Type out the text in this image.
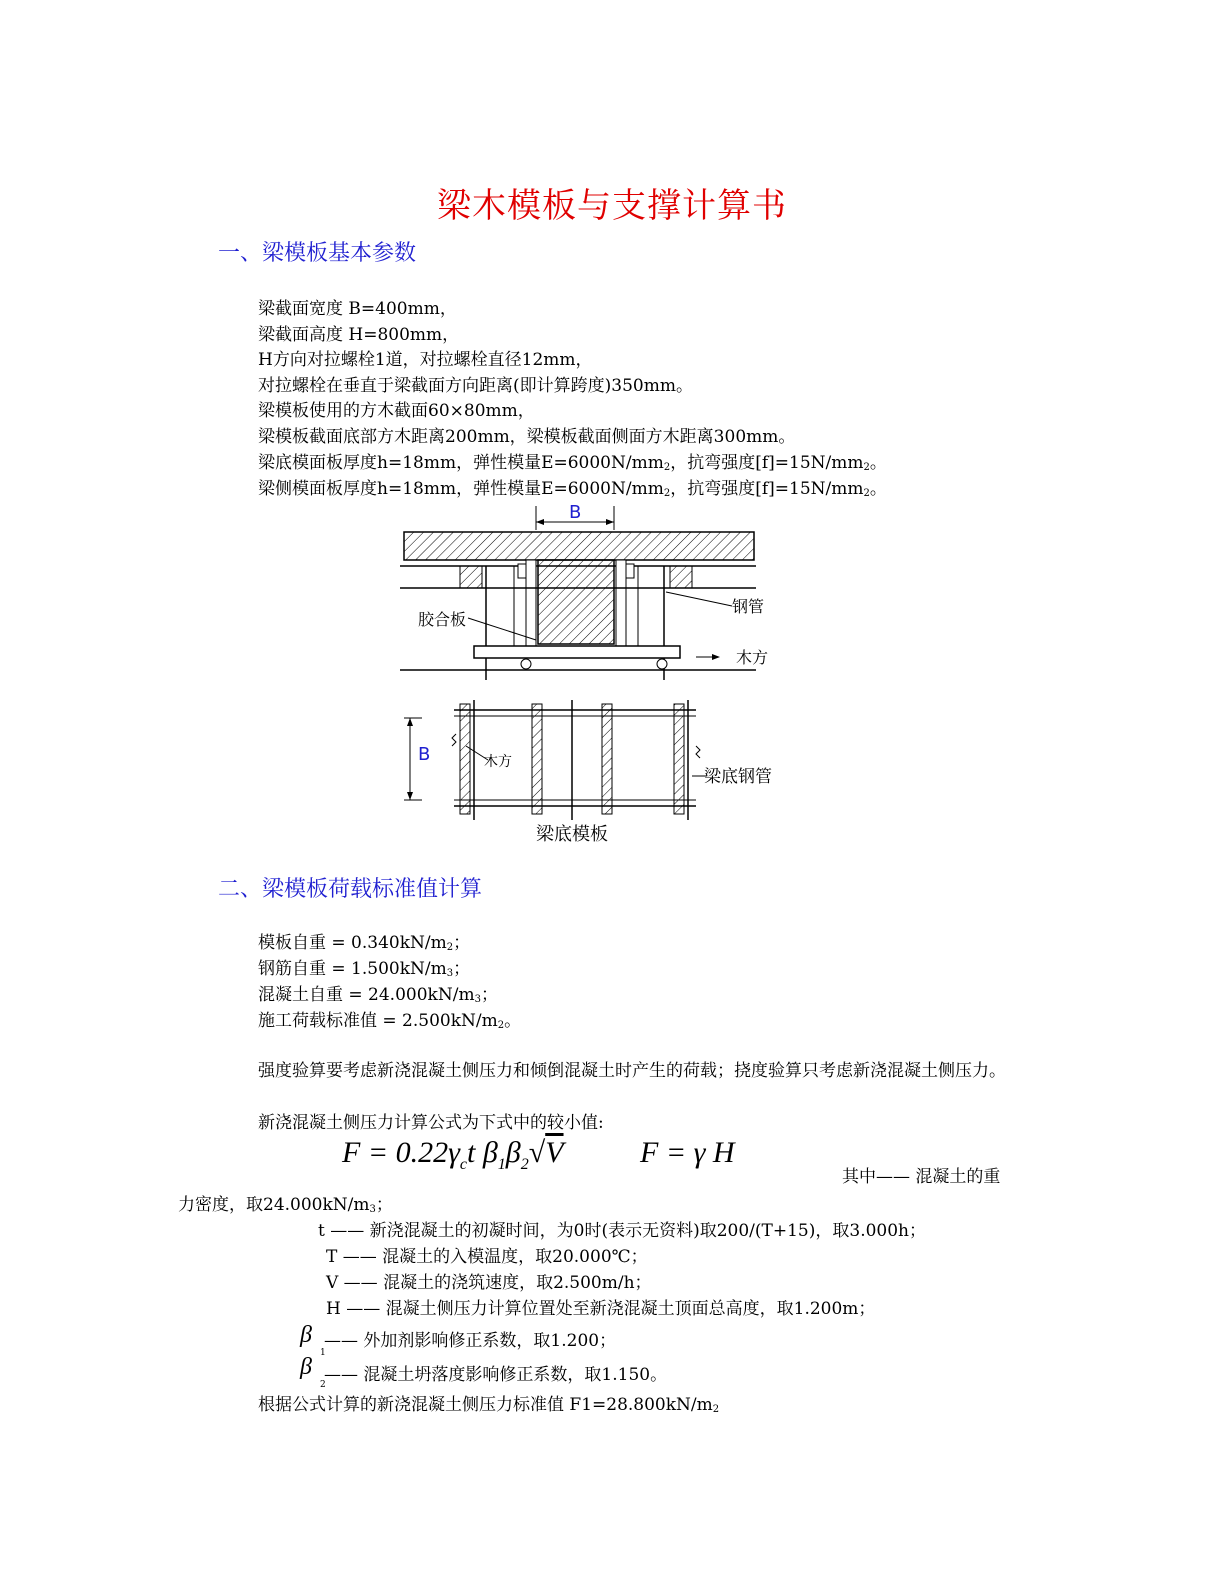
梁木模板与支撑计算书
一、梁模板基本参数
梁截面宽度 B=400mm，
梁截面高度 H=800mm，
H方向对拉螺栓1道，对拉螺栓直径12mm，
对拉螺栓在垂直于梁截面方向距离(即计算跨度)350mm。
梁模板使用的方木截面60×80mm，
梁模板截面底部方木距离200mm，梁模板截面侧面方木距离300mm。
梁底模面板厚度h=18mm，弹性模量$E=6000N/mm_2$，抗弯强度$[f]=15N/mm_2$。
梁侧模面板厚度h=18mm，弹性模量$E=6000N/mm_2$，抗弯强度$[f]=15N/mm_2$。
B
胶合板
钢管
木方
B	木方
梁底钢管
梁底模板
二、梁模板荷载标准值计算
模板自重 = $0.340kN/m_2$；
钢筋自重 = $1.500kN/m_3$；
混凝土自重 = $24.000kN/m_3$；
施工荷载标准值 = $2.500kN/m_2$。
强度验算要考虑新浇混凝土侧压力和倾倒混凝土时产生的荷载；挠度验算只考虑新浇混凝土侧压力。
新浇混凝土侧压力计算公式为下式中的较小值:
$F = 0.22\gamma_ct$ $\beta_1\beta_2√V$	F = γ H
其中—— 混凝土的重
力密度，取$24.000kN/m_3$；
t —— 新浇混凝土的初凝时间，为0时(表示无资料)取200/(T+15)，取3.000h；
T —— 混凝土的入模温度，取20.000℃；
V —— 混凝土的浇筑速度，取2.500m/h；
H —— 混凝土侧压力计算位置处至新浇混凝土顶面总高度，取1.200m；
β
1
—— 外加剂影响修正系数，取1.200；
β
2
—— 混凝土坍落度影响修正系数，取1.150。
根据公式计算的新浇混凝土侧压力标准值 $F1=28.800kN/m_2$
